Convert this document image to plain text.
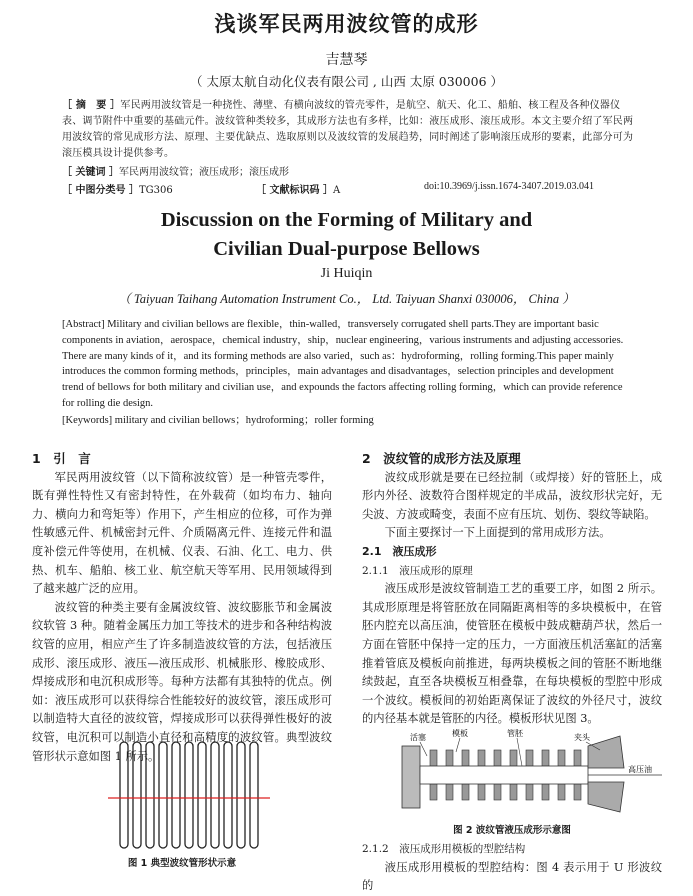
浅谈军民两用波纹管的成形
吉慧琴
（ 太原太航自动化仪表有限公司 , 山西 太原 030006 ）
［ 摘　要 ］军民两用波纹管是一种挠性、薄壁、有横向波纹的管壳零件，是航空、航天、化工、船舶、核工程及各种仪器仪表、调节附件中重要的基础元件。波纹管种类较多，其成形方法也有多样，比如：液压成形、滚压成形。本文主要介绍了军民两用波纹管的常见成形方法、原理、主要优缺点、选取原则以及波纹管的发展趋势，同时阐述了影响滚压成形的要素，此部分可为滚压模具设计提供参考。
［ 关键词 ］军民两用波纹管；液压成形；滚压成形
［ 中图分类号 ］TG306	［ 文献标识码 ］A	doi:10.3969/j.issn.1674-3407.2019.03.041
Discussion on the Forming of Military and
Civilian Dual-purpose Bellows
Ji Huiqin
（ Taiyuan Taihang Automation Instrument Co.， Ltd. Taiyuan Shanxi 030006， China ）
[Abstract] Military and civilian bellows are flexible，thin-walled，transversely corrugated shell parts.They are important basic components in aviation，aerospace，chemical industry，ship，nuclear engineering，various instruments and adjusting accessories. There are many kinds of it，and its forming methods are also varied，such as：hydroforming，rolling forming.This paper mainly introduces the common forming methods，principles，main advantages and disadvantages，selection principles and development trend of bellows for both military and civilian use，and expounds the factors affecting rolling forming，which can provide reference for rolling die design.
[Keywords] military and civilian bellows；hydroforming；roller forming
1　引　言

军民两用波纹管（以下简称波纹管）是一种管壳零件，既有弹性特性又有密封特性，在外载荷（如均布力、轴向力、横向力和弯矩等）作用下，产生相应的位移，可作为弹性敏感元件、机械密封元件、介质隔离元件、连接元件和温度补偿元件等使用，在机械、仪表、石油、化工、电力、供热、机车、船舶、核工业、航空航天等军用、民用领域得到了越来越广泛的应用。

波纹管的种类主要有金属波纹管、波纹膨胀节和金属波纹软管 3 种。随着金属压力加工等技术的进步和各种结构波纹管的应用，相应产生了许多制造波纹管的方法，包括液压成形、滚压成形、液压—液压成形、机械胀形、橡胶成形、焊接成形和电沉积成形等。每种方法都有其独特的优点。例如：液压成形可以获得综合性能较好的波纹管，滚压成形可以制造特大直径的波纹管，焊接成形可以获得弹性极好的波纹管，电沉积可以制造小直径和高精度的波纹管。典型波纹管形状示意如图 1 所示。

图 1 典型波纹管形状示意
2　波纹管的成形方法及原理

波纹成形就是要在已经拉制（或焊接）好的管胚上，成形内外径、波数符合图样规定的半成品，波纹形状完好，无尖波、方波或畸变，表面不应有压坑、划伤、裂纹等缺陷。

下面主要探讨一下上面提到的常用成形方法。

2.1　液压成形
2.1.1　液压成形的原理

液压成形是波纹管制造工艺的重要工序，如图 2 所示。其成形原理是将管胚放在同隔距离相等的多块模板中，在管胚内腔充以高压油，使管胚在模板中鼓成糖葫芦状，然后一方面在管胚中保持一定的压力，一方面液压机活塞缸的活塞推着管底及模板向前推进，每两块模板之间的管胚不断地继续鼓起，直至各块模板互相叠靠，在每块模板的型腔中形成一个波纹。模板间的初始距离保证了波纹的外径尺寸，波纹的内径基本就是管胚的内径。模板形状见图 3。

活塞	模板	管胚	夹头
高压油
图 2 波纹管液压成形示意图
2.1.2　液压成形用模板的型腔结构

液压成形用模板的型腔结构：图 4 表示用于 U 形波纹的
